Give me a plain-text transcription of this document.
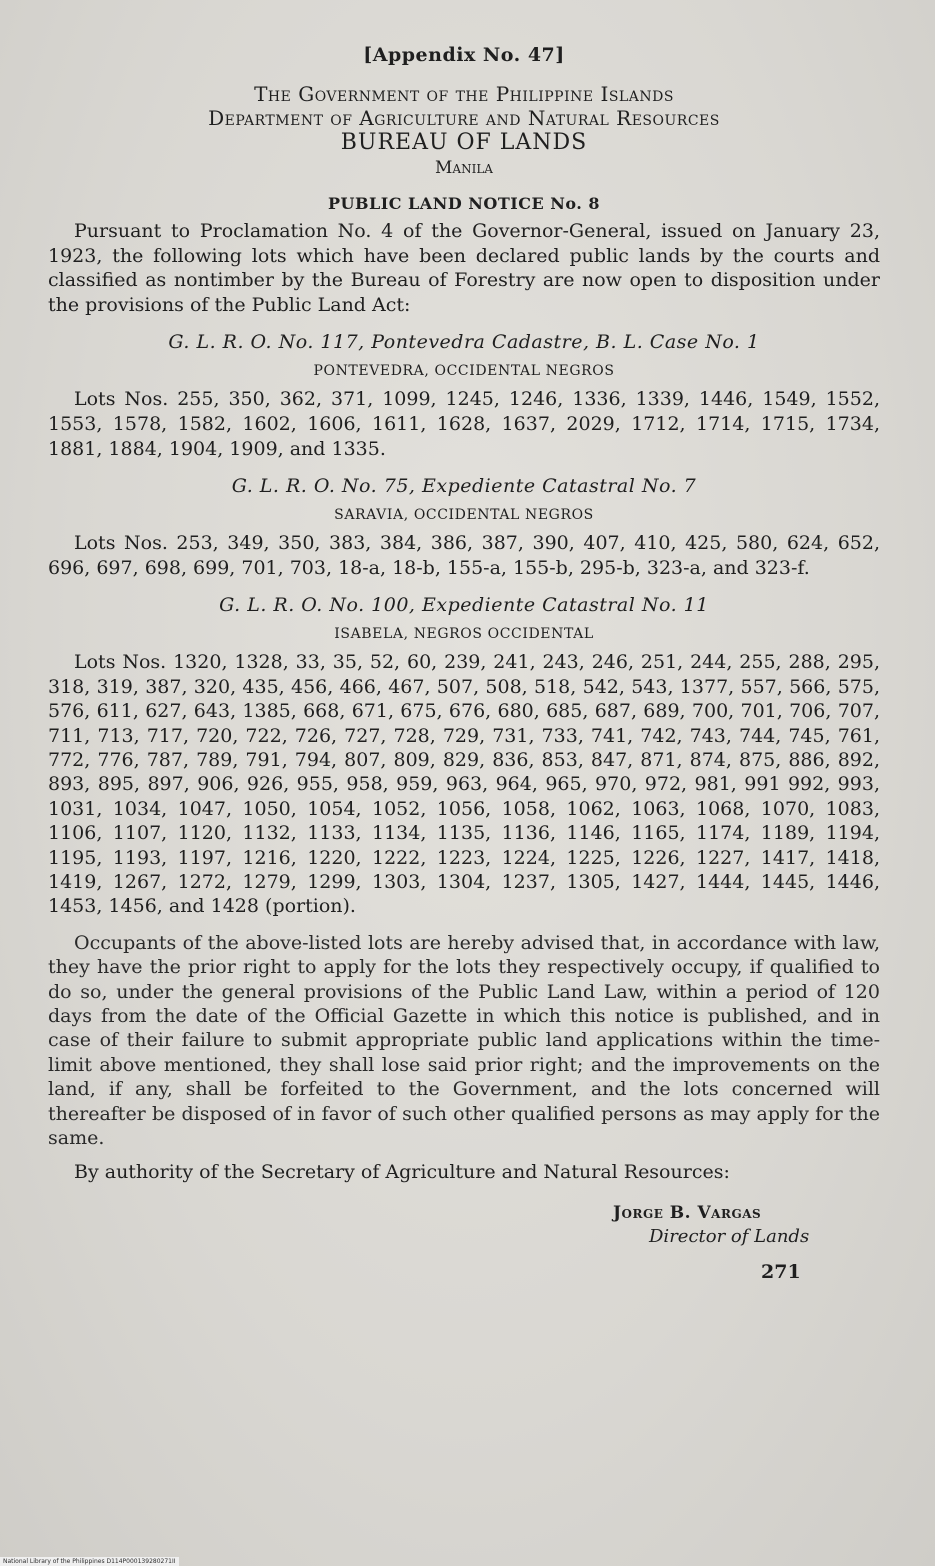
[Appendix No. 47]
The Government of the Philippine Islands
Department of Agriculture and Natural Resources
BUREAU OF LANDS
Manila
PUBLIC LAND NOTICE No. 8

Pursuant to Proclamation No. 4 of the Governor-General, issued on January 23, 1923, the following lots which have been declared public lands by the courts and classified as nontimber by the Bureau of Forestry are now open to disposition under the provisions of the Public Land Act:

G. L. R. O. No. 117, Pontevedra Cadastre, B. L. Case No. 1
PONTEVEDRA, OCCIDENTAL NEGROS

Lots Nos. 255, 350, 362, 371, 1099, 1245, 1246, 1336, 1339, 1446, 1549, 1552, 1553, 1578, 1582, 1602, 1606, 1611, 1628, 1637, 2029, 1712, 1714, 1715, 1734, 1881, 1884, 1904, 1909, and 1335.

G. L. R. O. No. 75, Expediente Catastral No. 7
SARAVIA, OCCIDENTAL NEGROS

Lots Nos. 253, 349, 350, 383, 384, 386, 387, 390, 407, 410, 425, 580, 624, 652, 696, 697, 698, 699, 701, 703, 18-a, 18-b, 155-a, 155-b, 295-b, 323-a, and 323-f.

G. L. R. O. No. 100, Expediente Catastral No. 11
ISABELA, NEGROS OCCIDENTAL

Lots Nos. 1320, 1328, 33, 35, 52, 60, 239, 241, 243, 246, 251, 244, 255, 288, 295, 318, 319, 387, 320, 435, 456, 466, 467, 507, 508, 518, 542, 543, 1377, 557, 566, 575, 576, 611, 627, 643, 1385, 668, 671, 675, 676, 680, 685, 687, 689, 700, 701, 706, 707, 711, 713, 717, 720, 722, 726, 727, 728, 729, 731, 733, 741, 742, 743, 744, 745, 761, 772, 776, 787, 789, 791, 794, 807, 809, 829, 836, 853, 847, 871, 874, 875, 886, 892, 893, 895, 897, 906, 926, 955, 958, 959, 963, 964, 965, 970, 972, 981, 991 992, 993, 1031, 1034, 1047, 1050, 1054, 1052, 1056, 1058, 1062, 1063, 1068, 1070, 1083, 1106, 1107, 1120, 1132, 1133, 1134, 1135, 1136, 1146, 1165, 1174, 1189, 1194, 1195, 1193, 1197, 1216, 1220, 1222, 1223, 1224, 1225, 1226, 1227, 1417, 1418, 1419, 1267, 1272, 1279, 1299, 1303, 1304, 1237, 1305, 1427, 1444, 1445, 1446, 1453, 1456, and 1428 (portion).

Occupants of the above-listed lots are hereby advised that, in accordance with law, they have the prior right to apply for the lots they respectively occupy, if qualified to do so, under the general provisions of the Public Land Law, within a period of 120 days from the date of the Official Gazette in which this notice is published, and in case of their failure to submit appropriate public land applications within the time-limit above mentioned, they shall lose said prior right; and the improvements on the land, if any, shall be forfeited to the Government, and the lots concerned will thereafter be disposed of in favor of such other qualified persons as may apply for the same.

By authority of the Secretary of Agriculture and Natural Resources:

Jorge B. Vargas
Director of Lands
271
National Library of the Philippines D114P000139280271II
